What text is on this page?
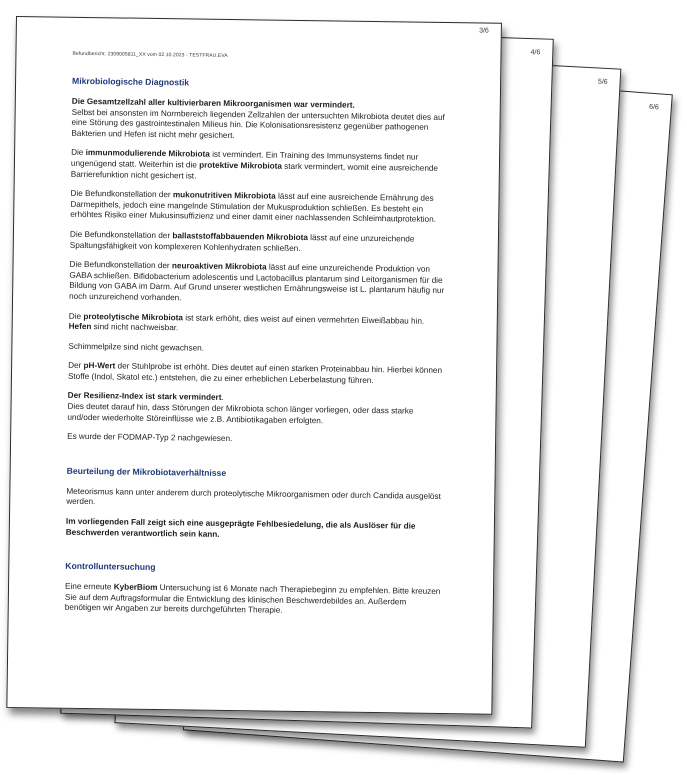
6/6
5/6
4/6
3/6
Befundbericht: 2309005811_XX vom 02.10.2023 - TESTFRAU,EVA
Mikrobiologische Diagnostik

Die Gesamtzellzahl aller kultivierbaren Mikroorganismen war vermindert.
Selbst bei ansonsten im Normbereich liegenden Zellzahlen der untersuchten Mikrobiota deutet dies auf eine Störung des gastrointestinalen Milieus hin. Die Kolonisationsresistenz gegenüber pathogenen Bakterien und Hefen ist nicht mehr gesichert.

Die immunmodulierende Mikrobiota ist vermindert. Ein Training des Immunsystems findet nur ungenügend statt. Weiterhin ist die protektive Mikrobiota stark vermindert, womit eine ausreichende Barrierefunktion nicht gesichert ist.

Die Befundkonstellation der mukonutritiven Mikrobiota lässt auf eine ausreichende Ernährung des Darmepithels, jedoch eine mangelnde Stimulation der Mukusproduktion schließen. Es besteht ein erhöhtes Risiko einer Mukusinsuffizienz und einer damit einer nachlassenden Schleimhautprotektion.

Die Befundkonstellation der ballaststoffabbauenden Mikrobiota lässt auf eine unzureichende Spaltungsfähigkeit von komplexeren Kohlenhydraten schließen.

Die Befundkonstellation der neuroaktiven Mikrobiota lässt auf eine unzureichende Produktion von GABA schließen. Bifidobacterium adolescentis und Lactobacillus plantarum sind Leitorganismen für die Bildung von GABA im Darm. Auf Grund unserer westlichen Ernährungsweise ist L. plantarum häufig nur noch unzureichend vorhanden.

Die proteolytische Mikrobiota ist stark erhöht, dies weist auf einen vermehrten Eiweißabbau hin. Hefen sind nicht nachweisbar.

Schimmelpilze sind nicht gewachsen.

Der pH-Wert der Stuhlprobe ist erhöht. Dies deutet auf einen starken Proteinabbau hin. Hierbei können Stoffe (Indol, Skatol etc.) entstehen, die zu einer erheblichen Leberbelastung führen.

Der Resilienz-Index ist stark vermindert.
Dies deutet darauf hin, dass Störungen der Mikrobiota schon länger vorliegen, oder dass starke und/oder wiederholte Störeinflüsse wie z.B. Antibiotikagaben erfolgten.

Es wurde der FODMAP-Typ 2 nachgewiesen.

Beurteilung der Mikrobiotaverhältnisse

Meteorismus kann unter anderem durch proteolytische Mikroorganismen oder durch Candida ausgelöst werden.

Im vorliegenden Fall zeigt sich eine ausgeprägte Fehlbesiedelung, die als Auslöser für die Beschwerden verantwortlich sein kann.

Kontrolluntersuchung

Eine erneute KyberBiom Untersuchung ist 6 Monate nach Therapiebeginn zu empfehlen. Bitte kreuzen Sie auf dem Auftragsformular die Entwicklung des klinischen Beschwerdebildes an. Außerdem benötigen wir Angaben zur bereits durchgeführten Therapie.
